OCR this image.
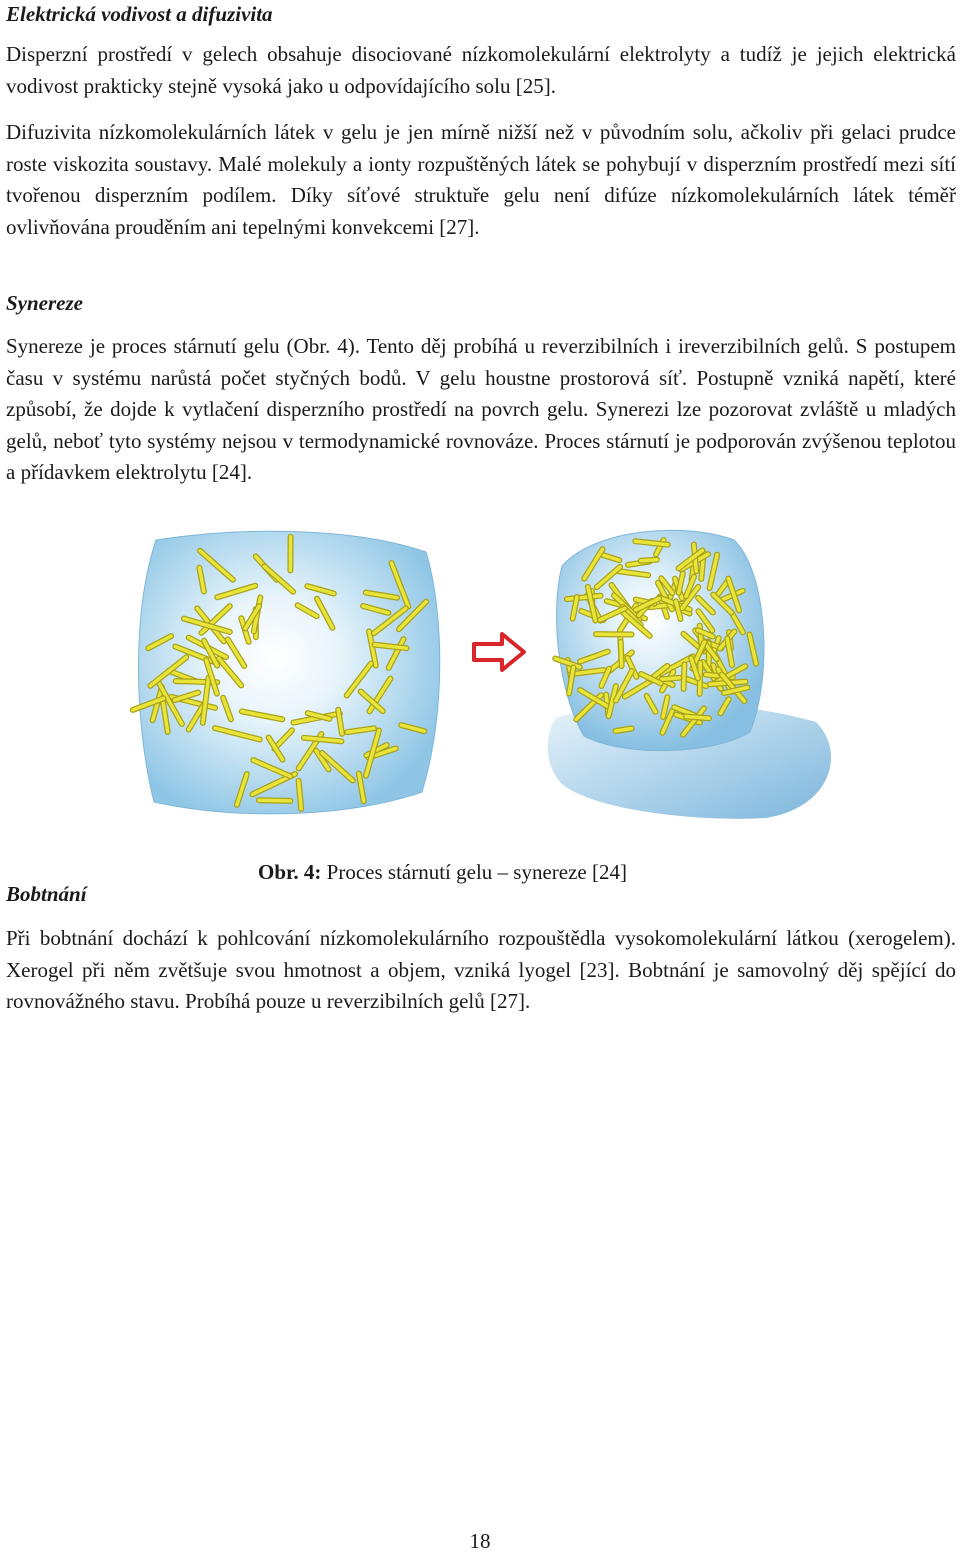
Elektrická vodivost a difuzivita

Disperzní prostředí v gelech obsahuje disociované nízkomolekulární elektrolyty a tudíž je jejich elektrická vodivost prakticky stejně vysoká jako u odpovídajícího solu [25].

Difuzivita nízkomolekulárních látek v gelu je jen mírně nižší než v původním solu, ačkoliv při gelaci prudce roste viskozita soustavy. Malé molekuly a ionty rozpuštěných látek se pohybují v disperzním prostředí mezi sítí tvořenou disperzním podílem. Díky síťové struktuře gelu není difúze nízkomolekulárních látek téměř ovlivňována prouděním ani tepelnými konvekcemi [27].

Synereze

Synereze je proces stárnutí gelu (Obr. 4). Tento děj probíhá u reverzibilních i ireverzibilních gelů. S postupem času v systému narůstá počet styčných bodů. V gelu houstne prostorová síť. Postupně vzniká napětí, které způsobí, že dojde k vytlačení disperzního prostředí na povrch gelu. Synerezi lze pozorovat zvláště u mladých gelů, neboť tyto systémy nejsou v termodynamické rovnováze. Proces stárnutí je podporován zvýšenou teplotou a přídavkem elektrolytu [24].

Obr. 4: Proces stárnutí gelu – synereze [24]

Bobtnání

Při bobtnání dochází k pohlcování nízkomolekulárního rozpouštědla vysokomolekulární látkou (xerogelem). Xerogel při něm zvětšuje svou hmotnost a objem, vzniká lyogel [23]. Bobtnání je samovolný děj spějící do rovnovážného stavu. Probíhá pouze u reverzibilních gelů [27].

18
